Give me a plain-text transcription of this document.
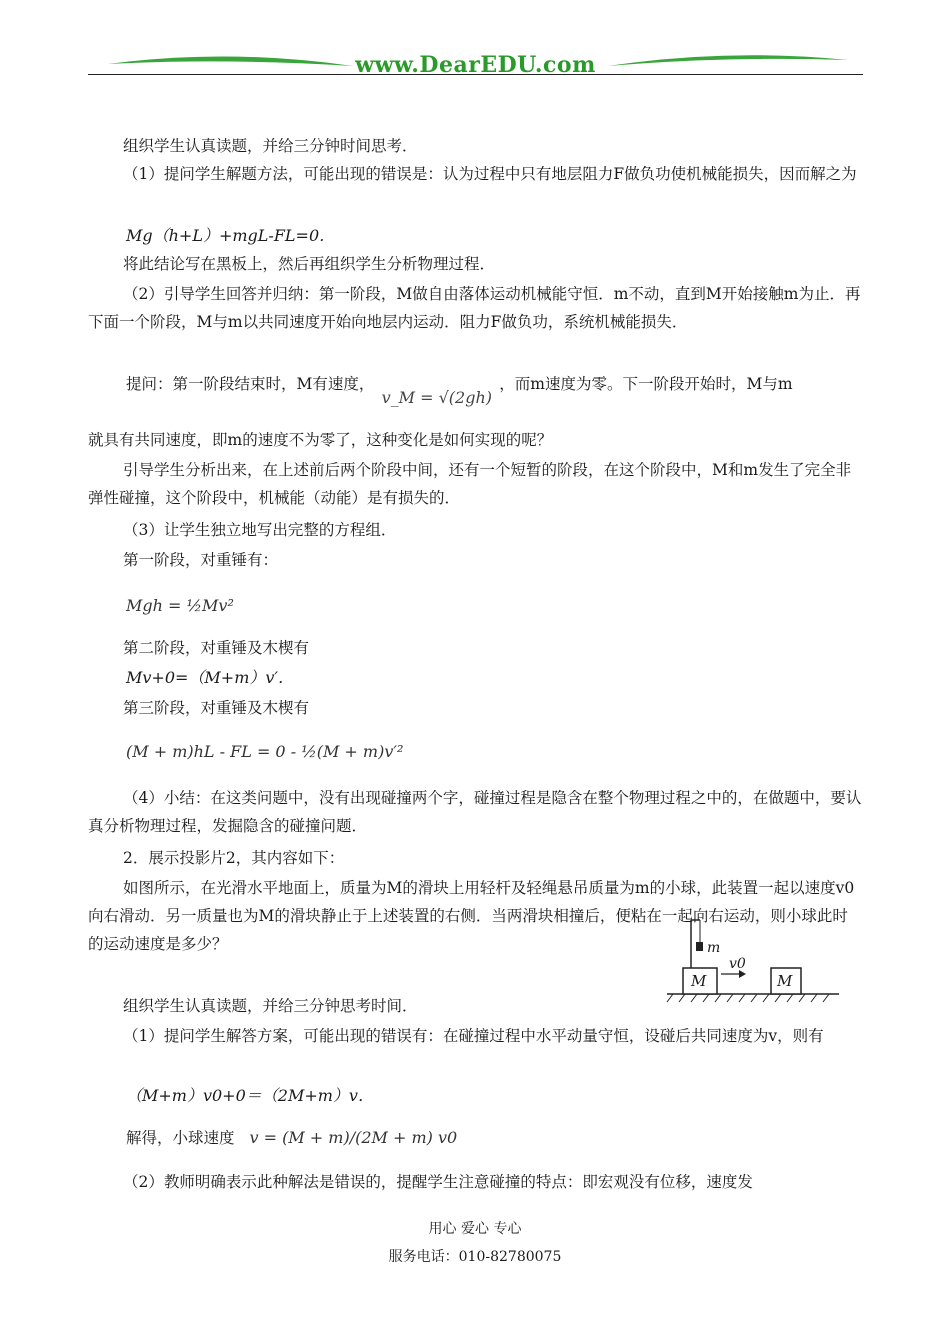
www.DearEDU.com

组织学生认真读题，并给三分钟时间思考．

（1）提问学生解题方法，可能出现的错误是：认为过程中只有地层阻力F做负功使机械能损失，因而解之为

Mg（h+L）+mgL-FL=0．

将此结论写在黑板上，然后再组织学生分析物理过程．

（2）引导学生回答并归纳：第一阶段，M做自由落体运动机械能守恒．m不动，直到M开始接触m为止．再下面一个阶段，M与m以共同速度开始向地层内运动．阻力F做负功，系统机械能损失．

提问：第一阶段结束时，M有速度， v_M = √(2gh) ，而m速度为零。下一阶段开始时，M与m

就具有共同速度，即m的速度不为零了，这种变化是如何实现的呢？

引导学生分析出来，在上述前后两个阶段中间，还有一个短暂的阶段，在这个阶段中，M和m发生了完全非弹性碰撞，这个阶段中，机械能（动能）是有损失的．

（3）让学生独立地写出完整的方程组．

第一阶段，对重锤有：

Mgh = ½Mv²

第二阶段，对重锤及木楔有

Mv+0=（M+m）v′．

第三阶段，对重锤及木楔有

(M + m)hL - FL = 0 - ½(M + m)v′²

（4）小结：在这类问题中，没有出现碰撞两个字，碰撞过程是隐含在整个物理过程之中的，在做题中，要认真分析物理过程，发掘隐含的碰撞问题．

2．展示投影片2，其内容如下：

如图所示，在光滑水平地面上，质量为M的滑块上用轻杆及轻绳悬吊质量为m的小球，此装置一起以速度v0向右滑动．另一质量也为M的滑块静止于上述装置的右侧．当两滑块相撞后，便粘在一起向右运动，则小球此时的运动速度是多少？	m
M
v0
M

组织学生认真读题，并给三分钟思考时间．

（1）提问学生解答方案，可能出现的错误有：在碰撞过程中水平动量守恒，设碰后共同速度为v，则有

（M+m）v0+0＝（2M+m）v．
解得，小球速度 v = (M + m)/(2M + m) v0

（2）教师明确表示此种解法是错误的，提醒学生注意碰撞的特点：即宏观没有位移，速度发

用心 爱心 专心
服务电话：010-82780075
